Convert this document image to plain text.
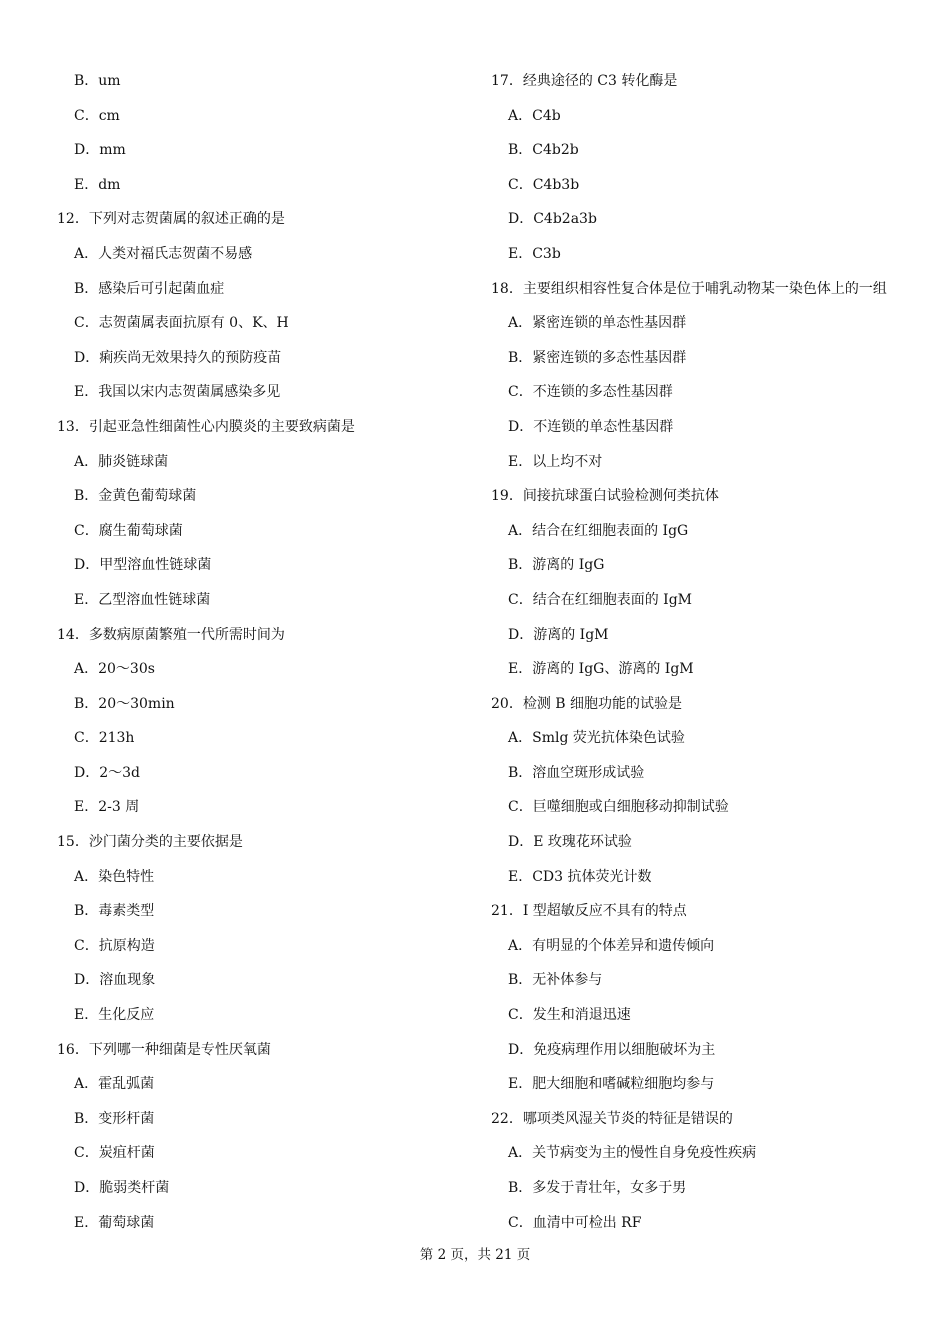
B．um
C．cm
D．mm
E．dm
12．下列对志贺菌属的叙述正确的是
A．人类对福氏志贺菌不易感
B．感染后可引起菌血症
C．志贺菌属表面抗原有 0、K、H
D．痢疾尚无效果持久的预防疫苗
E．我国以宋内志贺菌属感染多见
13．引起亚急性细菌性心内膜炎的主要致病菌是
A．肺炎链球菌
B．金黄色葡萄球菌
C．腐生葡萄球菌
D．甲型溶血性链球菌
E．乙型溶血性链球菌
14．多数病原菌繁殖一代所需时间为
A．20～30s
B．20～30min
C．213h
D．2～3d
E．2-3 周
15．沙门菌分类的主要依据是
A．染色特性
B．毒素类型
C．抗原构造
D．溶血现象
E．生化反应
16．下列哪一种细菌是专性厌氧菌
A．霍乱弧菌
B．变形杆菌
C．炭疽杆菌
D．脆弱类杆菌
E．葡萄球菌
17．经典途径的 C3 转化酶是
A．C4b
B．C4b2b
C．C4b3b
D．C4b2a3b
E．C3b
18．主要组织相容性复合体是位于哺乳动物某一染色体上的一组
A．紧密连锁的单态性基因群
B．紧密连锁的多态性基因群
C．不连锁的多态性基因群
D．不连锁的单态性基因群
E．以上均不对
19．间接抗球蛋白试验检测何类抗体
A．结合在红细胞表面的 IgG
B．游离的 IgG
C．结合在红细胞表面的 IgM
D．游离的 IgM
E．游离的 IgG、游离的 IgM
20．检测 B 细胞功能的试验是
A．Smlg 荧光抗体染色试验
B．溶血空斑形成试验
C．巨噬细胞或白细胞移动抑制试验
D．E 玫瑰花环试验
E．CD3 抗体荧光计数
21．I 型超敏反应不具有的特点
A．有明显的个体差异和遗传倾向
B．无补体参与
C．发生和消退迅速
D．免疫病理作用以细胞破坏为主
E．肥大细胞和嗜碱粒细胞均参与
22．哪项类风湿关节炎的特征是错误的
A．关节病变为主的慢性自身免疫性疾病
B．多发于青壮年，女多于男
C．血清中可检出 RF
第 2 页，共 21 页
